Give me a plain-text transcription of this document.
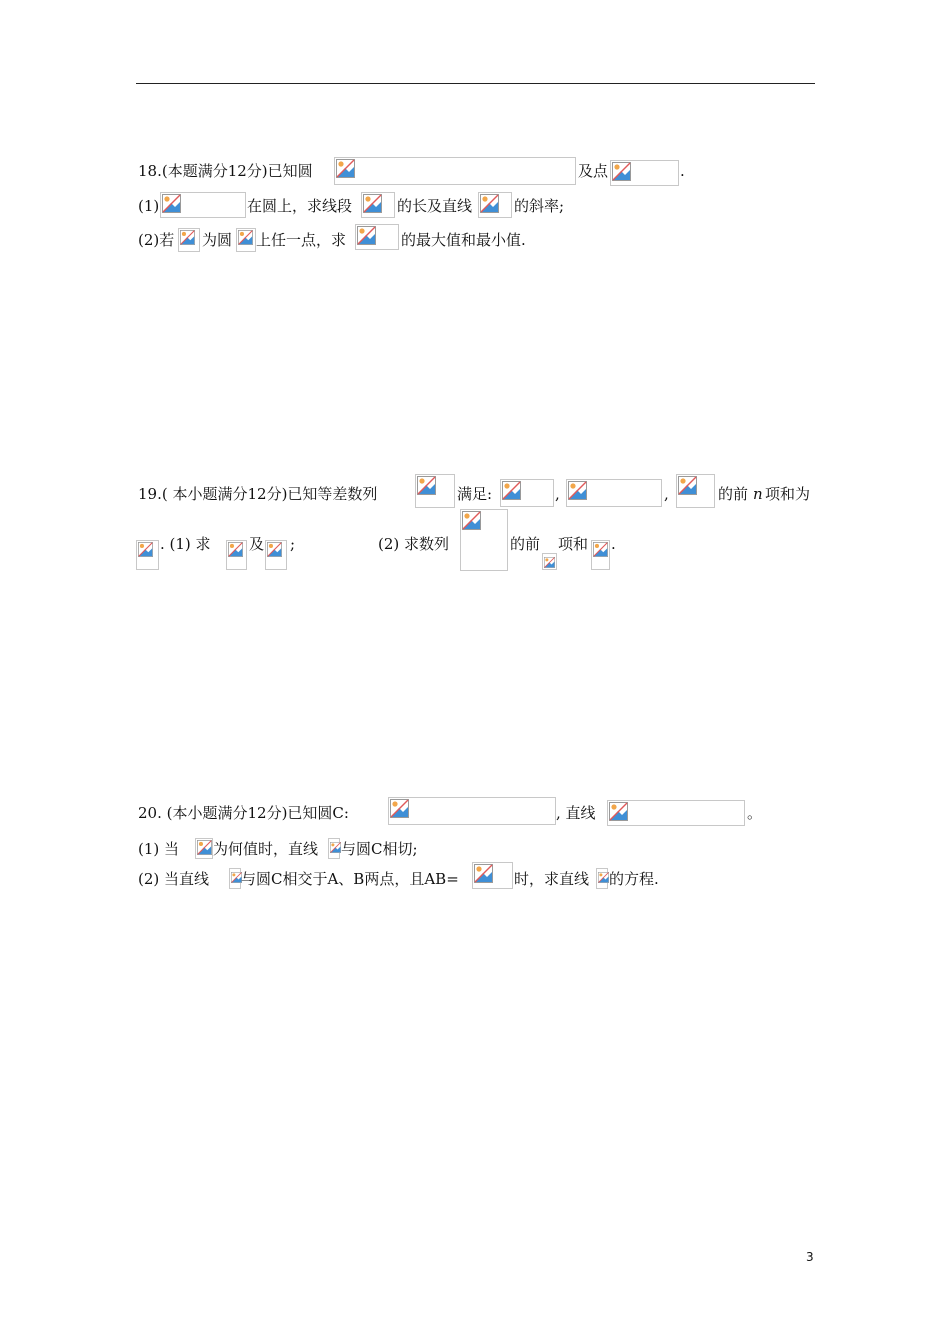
18.(本题满分12分)已知圆	及点	.
(1)	在圆上，求线段	的长及直线	的斜率;
(2)若 为圆 上任一点，求	的最大值和最小值.
19.( 本小题满分12分)已知等差数列	满足:	,	,	的前 n 项和为
. (1) 求	及 ;	(2) 求数列	的前 项和 .
20. (本小题满分12分)已知圆C:	, 直线	。
(1) 当 为何值时，直线 与圆C相切;
(2) 当直线 与圆C相交于A、B两点，且AB=	时，求直线 的方程.
3
